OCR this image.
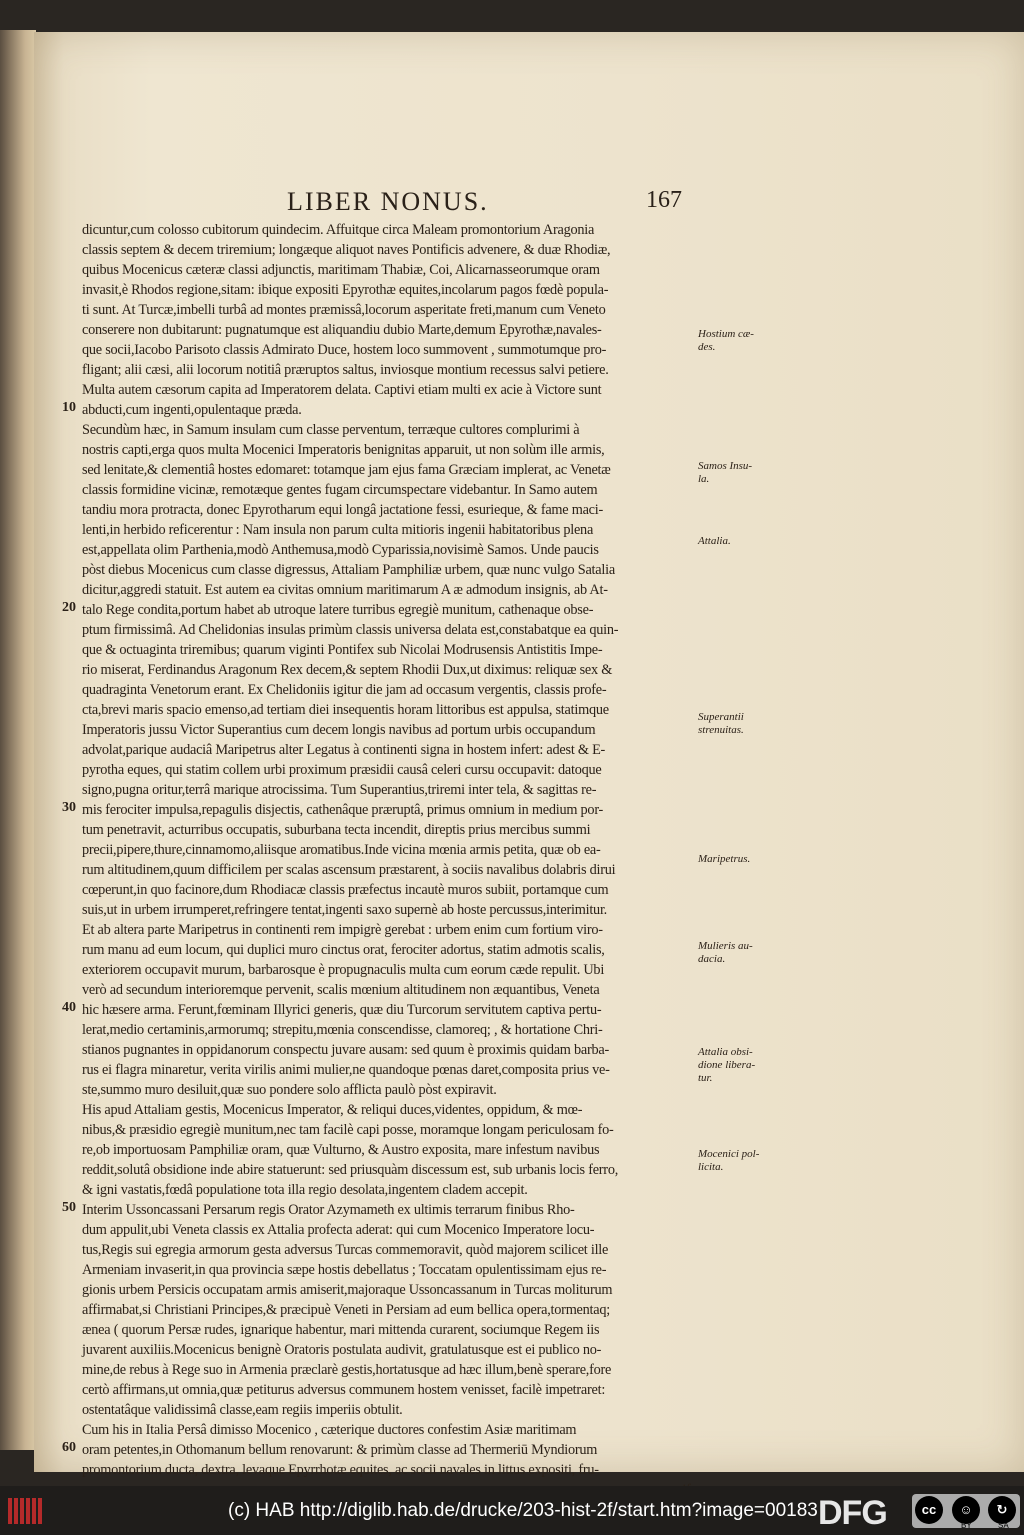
LIBER NONUS.	167
10
20
30
40
50
60
dicuntur,cum colosso cubitorum quindecim. Affuitque circa Maleam promontorium Aragonia
classis septem & decem triremium; longæque aliquot naves Pontificis advenere, & duæ Rhodiæ,
quibus Mocenicus cæteræ classi adjunctis, maritimam Thabiæ, Coi, Alicarnasseorumque oram
invasit,è Rhodos regione,sitam: ibique expositi Epyrothæ equites,incolarum pagos fœdè popula-
ti sunt. At Turcæ,imbelli turbâ ad montes præmissâ,locorum asperitate freti,manum cum Veneto
conserere non dubitarunt: pugnatumque est aliquandiu dubio Marte,demum Epyrothæ,navales-
que socii,Iacobo Parisoto classis Admirato Duce, hostem loco summovent , summotumque pro-
fligant; alii cæsi, alii locorum notitiâ præruptos saltus, inviosque montium recessus salvi petiere.
Multa autem cæsorum capita ad Imperatorem delata. Captivi etiam multi ex acie à Victore sunt
abducti,cum ingenti,opulentaque præda.
Secundùm hæc, in Samum insulam cum classe perventum, terræque cultores complurimi à
nostris capti,erga quos multa Mocenici Imperatoris benignitas apparuit, ut non solùm ille armis,
sed lenitate,& clementiâ hostes edomaret: totamque jam ejus fama Græciam implerat, ac Venetæ
classis formidine vicinæ, remotæque gentes fugam circumspectare videbantur. In Samo autem
tandiu mora protracta, donec Epyrotharum equi longâ jactatione fessi, esurieque, & fame maci-
lenti,in herbido reficerentur : Nam insula non parum culta mitioris ingenii habitatoribus plena
est,appellata olim Parthenia,modò Anthemusa,modò Cyparissia,novisimè Samos. Unde paucis
pòst diebus Mocenicus cum classe digressus, Attaliam Pamphiliæ urbem, quæ nunc vulgo Satalia
dicitur,aggredi statuit. Est autem ea civitas omnium maritimarum A æ admodum insignis, ab At-
talo Rege condita,portum habet ab utroque latere turribus egregiè munitum, cathenaque obse-
ptum firmissimâ. Ad Chelidonias insulas primùm classis universa delata est,constabatque ea quin-
que & octuaginta triremibus; quarum viginti Pontifex sub Nicolai Modrusensis Antistitis Impe-
rio miserat, Ferdinandus Aragonum Rex decem,& septem Rhodii Dux,ut diximus: reliquæ sex &
quadraginta Venetorum erant. Ex Chelidoniis igitur die jam ad occasum vergentis, classis profe-
cta,brevi maris spacio emenso,ad tertiam diei insequentis horam littoribus est appulsa, statimque
Imperatoris jussu Victor Superantius cum decem longis navibus ad portum urbis occupandum
advolat,parique audaciâ Maripetrus alter Legatus à continenti signa in hostem infert: adest & E-
pyrotha eques, qui statim collem urbi proximum præsidii causâ celeri cursu occupavit: datoque
signo,pugna oritur,terrâ marique atrocissima. Tum Superantius,triremi inter tela, & sagittas re-
mis ferociter impulsa,repagulis disjectis, cathenâque præruptâ, primus omnium in medium por-
tum penetravit, acturribus occupatis, suburbana tecta incendit, direptis prius mercibus summi
precii,pipere,thure,cinnamomo,aliisque aromatibus.Inde vicina mœnia armis petita, quæ ob ea-
rum altitudinem,quum difficilem per scalas ascensum præstarent, à sociis navalibus dolabris dirui
cœperunt,in quo facinore,dum Rhodiacæ classis præfectus incautè muros subiit, portamque cum
suis,ut in urbem irrumperet,refringere tentat,ingenti saxo supernè ab hoste percussus,interimitur.
Et ab altera parte Maripetrus in continenti rem impigrè gerebat : urbem enim cum fortium viro-
rum manu ad eum locum, qui duplici muro cinctus orat, ferociter adortus, statim admotis scalis,
exteriorem occupavit murum, barbarosque è propugnaculis multa cum eorum cæde repulit. Ubi
verò ad secundum interioremque pervenit, scalis mœnium altitudinem non æquantibus, Veneta
hic hæsere arma. Ferunt,fœminam Illyrici generis, quæ diu Turcorum servitutem captiva pertu-
lerat,medio certaminis,armorumq; strepitu,mœnia conscendisse, clamoreq; , & hortatione Chri-
stianos pugnantes in oppidanorum conspectu juvare ausam: sed quum è proximis quidam barba-
rus ei flagra minaretur, verita virilis animi mulier,ne quandoque pœnas daret,composita prius ve-
ste,summo muro desiluit,quæ suo pondere solo afflicta paulò pòst expiravit.
His apud Attaliam gestis, Mocenicus Imperator, & reliqui duces,videntes, oppidum, & mœ-
nibus,& præsidio egregiè munitum,nec tam facilè capi posse, moramque longam periculosam fo-
re,ob importuosam Pamphiliæ oram, quæ Vulturno, & Austro exposita, mare infestum navibus
reddit,solutâ obsidione inde abire statuerunt: sed priusquàm discessum est, sub urbanis locis ferro,
& igni vastatis,fœdâ populatione tota illa regio desolata,ingentem cladem accepit.
Interim Ussoncassani Persarum regis Orator Azymameth ex ultimis terrarum finibus Rho-
dum appulit,ubi Veneta classis ex Attalia profecta aderat: qui cum Mocenico Imperatore locu-
tus,Regis sui egregia armorum gesta adversus Turcas commemoravit, quòd majorem scilicet ille
Armeniam invaserit,in qua provincia sæpe hostis debellatus ; Toccatam opulentissimam ejus re-
gionis urbem Persicis occupatam armis amiserit,majoraque Ussoncassanum in Turcas moliturum
affirmabat,si Christiani Principes,& præcipuè Veneti in Persiam ad eum bellica opera,tormentaq;
ænea ( quorum Persæ rudes, ignarique habentur, mari mittenda curarent, sociumque Regem iis
juvarent auxiliis.Mocenicus benignè Oratoris postulata audivit, gratulatusque est ei publico no-
mine,de rebus à Rege suo in Armenia præclarè gestis,hortatusque ad hæc illum,benè sperare,fore
certò affirmans,ut omnia,quæ petiturus adversus communem hostem venisset, facilè impetraret:
ostentatâque validissimâ classe,eam regiis imperiis obtulit.
Cum his in Italia Persâ dimisso Mocenico , cæterique ductores confestim Asiæ maritimam
oram petentes,in Othomanum bellum renovarunt: & primùm classe ad Thermeriū Myndiorum
promontorium ducta, dextra, levaque Epyrrhotæ equites, ac socii navales in littus expositi, fru-
Hostium cæ-
des.
Samos Insu-
la.
Attalia.
Superantii
strenuitas.
Maripetrus.
Mulieris au-
dacia.
Attalia obsi-
dione libera-
tur.
Mocenici pol-
licita.
(c) HAB http://diglib.hab.de/drucke/203-hist-2f/start.htm?image=00183 DFG	cc	☺	↻
BY	SA
